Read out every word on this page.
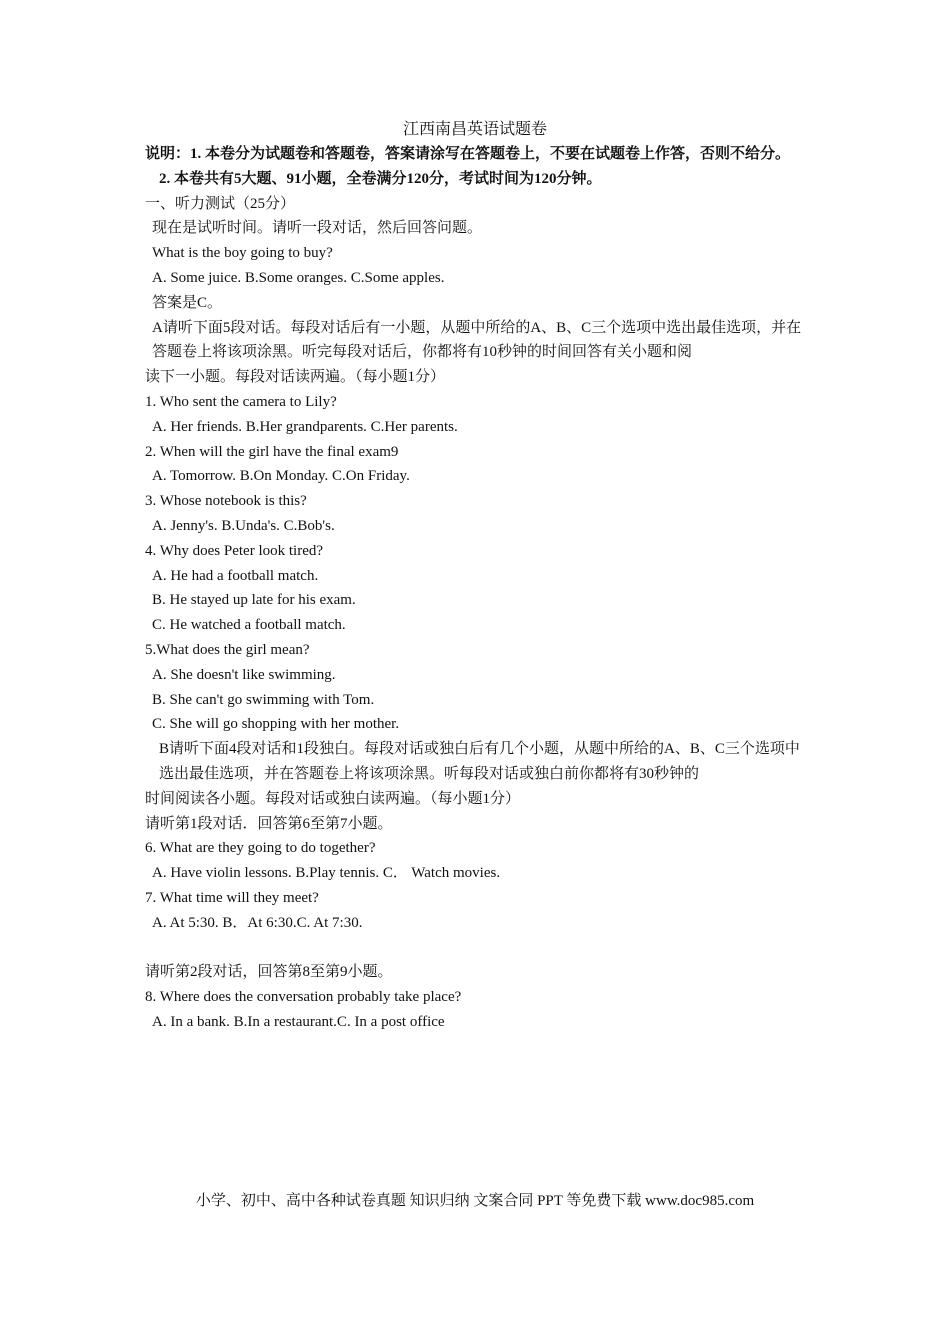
江西南昌英语试题卷
说明：1. 本卷分为试题卷和答题卷，答案请涂写在答题卷上，不要在试题卷上作答，否则不给分。
2. 本卷共有5大题、91小题，全卷满分120分，考试时间为120分钟。
一、听力测试（25分）
现在是试听时间。请听一段对话，然后回答问题。
What is the boy going to buy?
A. Some juice. B.Some oranges. C.Some apples.
答案是C。
A请听下面5段对话。每段对话后有一小题，从题中所给的A、B、C三个选项中选出最佳选项，并在答题卷上将该项涂黑。听完每段对话后，你都将有10秒钟的时间回答有关小题和阅
读下一小题。每段对话读两遍。（每小题1分）
1. Who sent the camera to Lily?
A. Her friends. B.Her grandparents. C.Her parents.
2. When will the girl have the final exam9
A. Tomorrow. B.On Monday. C.On Friday.
3. Whose notebook is this?
A. Jenny's. B.Unda's. C.Bob's.
4. Why does Peter look tired?
A. He had a football match.
B. He stayed up late for his exam.
C. He watched a football match.
5.What does the girl mean?
A. She doesn't like swimming.
B. She can't go swimming with Tom.
C. She will go shopping with her mother.
B请听下面4段对话和1段独白。每段对话或独白后有几个小题，从题中所给的A、B、C三个选项中选出最佳选项，并在答题卷上将该项涂黑。听每段对话或独白前你都将有30秒钟的
时间阅读各小题。每段对话或独白读两遍。（每小题1分）
请听第1段对话．回答第6至第7小题。
6. What are they going to do together?
A. Have violin lessons. B.Play tennis. C． Watch movies.
7. What time will they meet?
A. At 5:30. B．At 6:30.C. At 7:30.
请听第2段对话，回答第8至第9小题。
8. Where does the conversation probably take place?
A. In a bank. B.In a restaurant.C. In a post office
小学、初中、高中各种试卷真题 知识归纳 文案合同 PPT 等免费下载 www.doc985.com
